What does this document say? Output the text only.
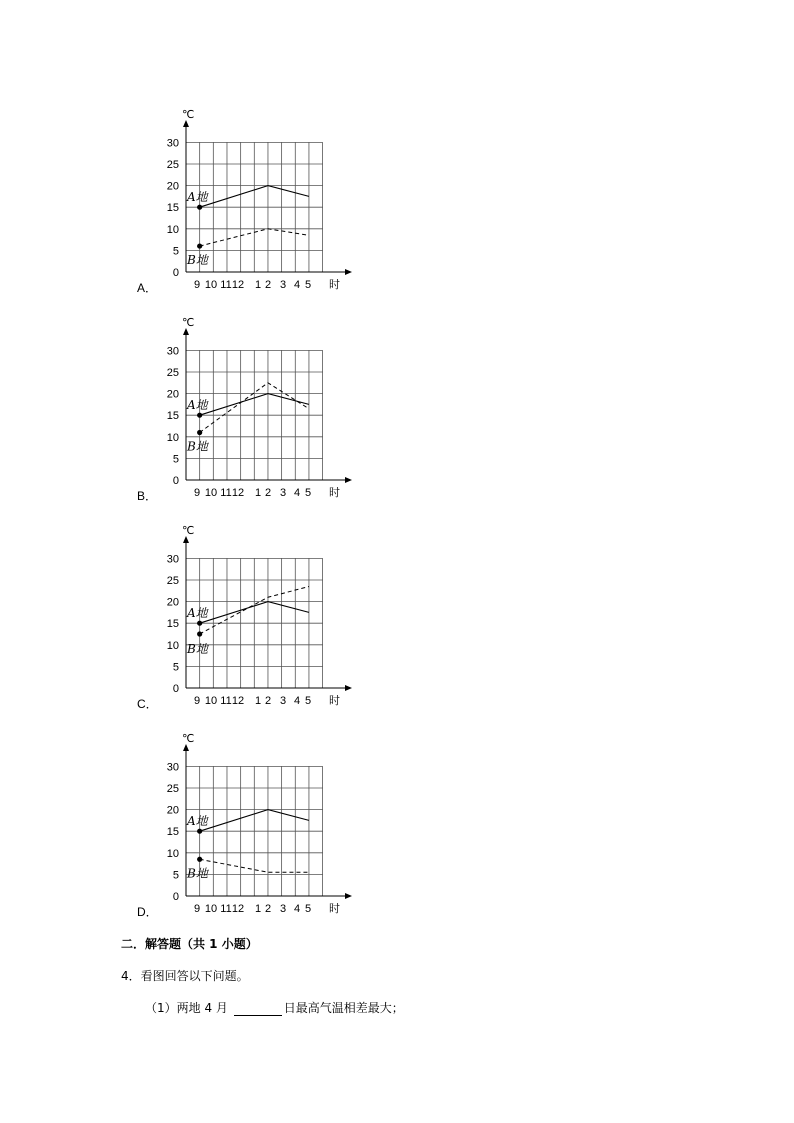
℃
时
30
25
20
15
10
5
0
9 10 11 12 1 2 3 4 5
A地
B地
A．
℃
时
30
25
20
15
10
5
0
9 10 11 12 1 2 3 4 5
A地
B地
B．
℃
时
30
25
20
15
10
5
0
9 10 11 12 1 2 3 4 5
A地
B地
C．
℃
时
30
25
20
15
10
5
0
9 10 11 12 1 2 3 4 5
A地
B地
D．
二．解答题（共 1 小题）
4．看图回答以下问题。
（1）两地 4 月	日最高气温相差最大；
